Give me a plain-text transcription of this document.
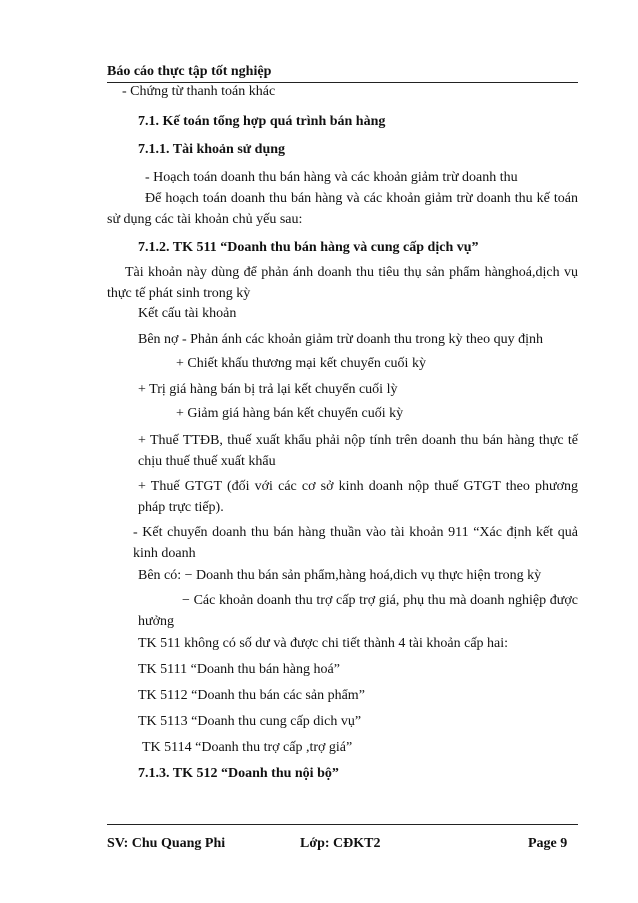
Báo cáo thực tập tốt nghiệp
- Chứng từ thanh toán khác
7.1. Kế toán tổng hợp quá trình bán hàng
7.1.1. Tài khoản sử dụng
- Hoạch toán doanh thu bán hàng và các khoản giảm trừ doanh thu
Để hoạch toán doanh thu bán hàng và các khoản giảm trừ doanh thu kế toán sử dụng các tài khoản chủ yếu sau:
7.1.2. TK 511 “Doanh thu bán hàng và cung cấp dịch vụ”
Tài khoản này dùng để phản ánh doanh thu tiêu thụ sản phẩm hànghoá,dịch vụ thực tế phát sinh trong kỳ
Kết cấu tài khoản
Bên nợ - Phản ánh các khoản giảm trừ doanh thu trong kỳ theo quy định
+ Chiết khấu thương mại kết chuyển cuối kỳ
+ Trị giá hàng bán bị trả lại kết chuyển cuối lỳ
+ Giảm giá hàng bán kết chuyển cuối kỳ
+ Thuế TTĐB, thuế xuất khẩu phải nộp tính trên doanh thu bán hàng thực tế chịu thuế thuế xuất khẩu
+ Thuế GTGT (đối với các cơ sở kinh doanh nộp thuế GTGT theo phương pháp trực tiếp).
- Kết chuyển doanh thu bán hàng thuần vào tài khoản 911 “Xác định kết quả kinh doanh
Bên có: − Doanh thu bán sản phẩm,hàng hoá,dich vụ thực hiện trong kỳ
− Các khoản doanh thu trợ cấp trợ giá, phụ thu mà doanh nghiệp được hưởng
TK 511 không có số dư và được chi tiết thành 4 tài khoản cấp hai:
TK 5111 “Doanh thu bán hàng hoá”
TK 5112 “Doanh thu bán các sản phẩm”
TK 5113 “Doanh thu cung cấp dich vụ”
TK 5114 “Doanh thu trợ cấp ,trợ giá”
7.1.3. TK 512 “Doanh thu nội bộ”
SV: Chu Quang Phi	Lớp: CĐKT2	Page 9
